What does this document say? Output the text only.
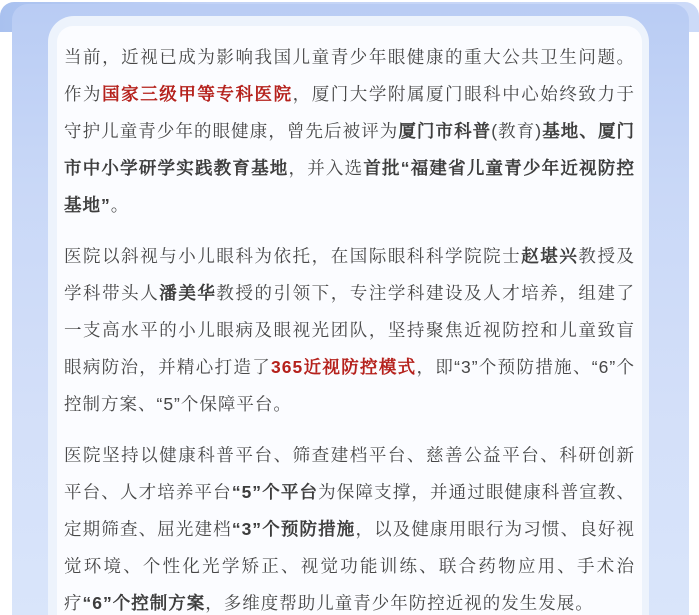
当前，近视已成为影响我国儿童青少年眼健康的重大公共卫生问题。作为国家三级甲等专科医院，厦门大学附属厦门眼科中心始终致力于守护儿童青少年的眼健康，曾先后被评为厦门市科普(教育)基地、厦门市中小学研学实践教育基地，并入选首批“福建省儿童青少年近视防控基地”。

医院以斜视与小儿眼科为依托，在国际眼科科学院院士赵堪兴教授及学科带头人潘美华教授的引领下，专注学科建设及人才培养，组建了一支高水平的小儿眼病及眼视光团队，坚持聚焦近视防控和儿童致盲眼病防治，并精心打造了365近视防控模式，即“3”个预防措施、“6”个控制方案、“5”个保障平台。

医院坚持以健康科普平台、筛查建档平台、慈善公益平台、科研创新平台、人才培养平台“5”个平台为保障支撑，并通过眼健康科普宣教、定期筛查、屈光建档“3”个预防措施，以及健康用眼行为习惯、良好视觉环境、个性化光学矫正、视觉功能训练、联合药物应用、手术治疗“6”个控制方案，多维度帮助儿童青少年防控近视的发生发展。
